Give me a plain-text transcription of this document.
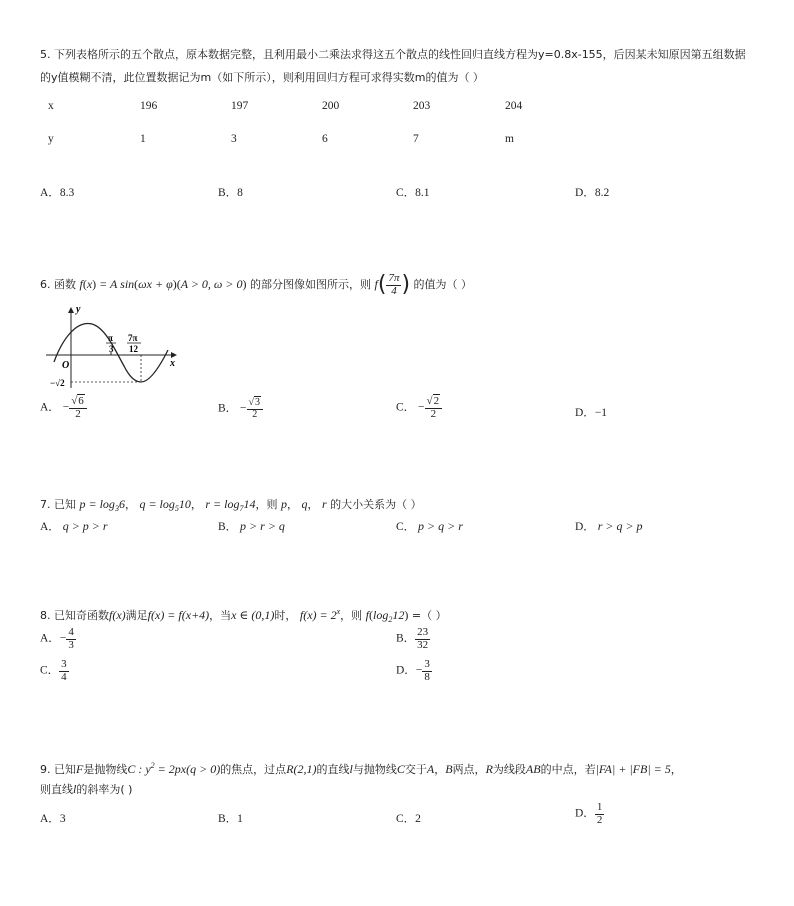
5. 下列表格所示的五个散点，原本数据完整，且利用最小二乘法求得这五个散点的线性回归直线方程为y=0.8x-155，后因某未知原因第五组数据
的y值模糊不清，此位置数据记为m（如下所示），则利用回归方程可求得实数m的值为（ ）
x	196	197	200	203	204
y	1	3	6	7	m
A．8.3	B．8	C．8.1	D．8.2
6. 函数 f(x) = A sin(ωx + φ)(A > 0, ω > 0) 的部分图像如图所示，则 $f( \frac{7\pi}{4}$ ) 的值为（ ）
y
x
O
π
3
7π
12
−√2
A． − $\frac{√6}{2}$	B． − $\frac{√3}{2}$	C． − $\frac{√2}{2}$	D．−1
7. 已知 $p = \log_36$， $q = \log_510$， $r = \log_714$，则 p， q， r 的大小关系为（ ）
A． q > p > r	B． p > r > q	C． p > q > r	D． r > q > p
8. 已知奇函数f(x)满足f(x) = f(x+4)，当x ∈ (0,1)时， $f(x) = 2^x$，则 $f(\log_212)$ =（ ）
A．− $\frac{4}{3}$	B． $\frac{23}{32}$
C． $\frac{3}{4}$	D．− $\frac{3}{8}$
9. 已知F是抛物线C : $y^2 = 2px(q > 0)$的焦点，过点R(2,1)的直线l与抛物线C交于A，B两点，R为线段AB的中点，若|FA| + |FB| = 5，
则直线l的斜率为( )
A．3	B．1	C．2	D． $\frac{1}{2}$
